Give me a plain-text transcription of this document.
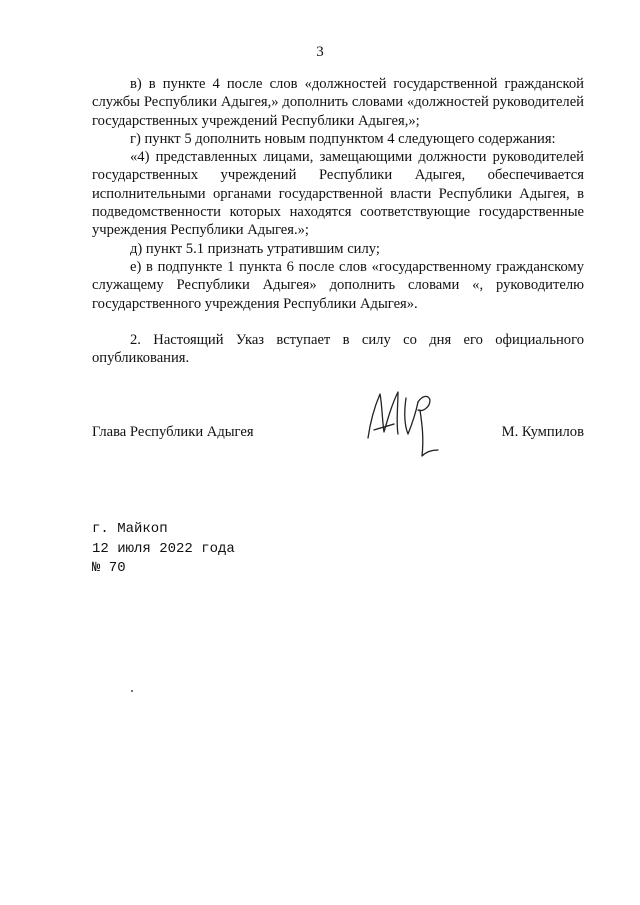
3

в) в пункте 4 после слов «должностей государственной гражданской службы Республики Адыгея,» дополнить словами «должностей руководителей государственных учреждений Республики Адыгея,»;

г) пункт 5 дополнить новым подпунктом 4 следующего содержания:

«4) представленных лицами, замещающими должности руководителей государственных учреждений Республики Адыгея, обеспечивается исполнительными органами государственной власти Республики Адыгея, в подведомственности которых находятся соответствующие государственные учреждения Республики Адыгея.»;

д) пункт 5.1 признать утратившим силу;

е) в подпункте 1 пункта 6 после слов «государственному гражданскому служащему Республики Адыгея» дополнить словами «, руководителю государственного учреждения Республики Адыгея».

2. Настоящий Указ вступает в силу со дня его официального опубликования.

Глава Республики Адыгея	М. Кумпилов
г. Майкоп
12 июля 2022 года
№ 70
